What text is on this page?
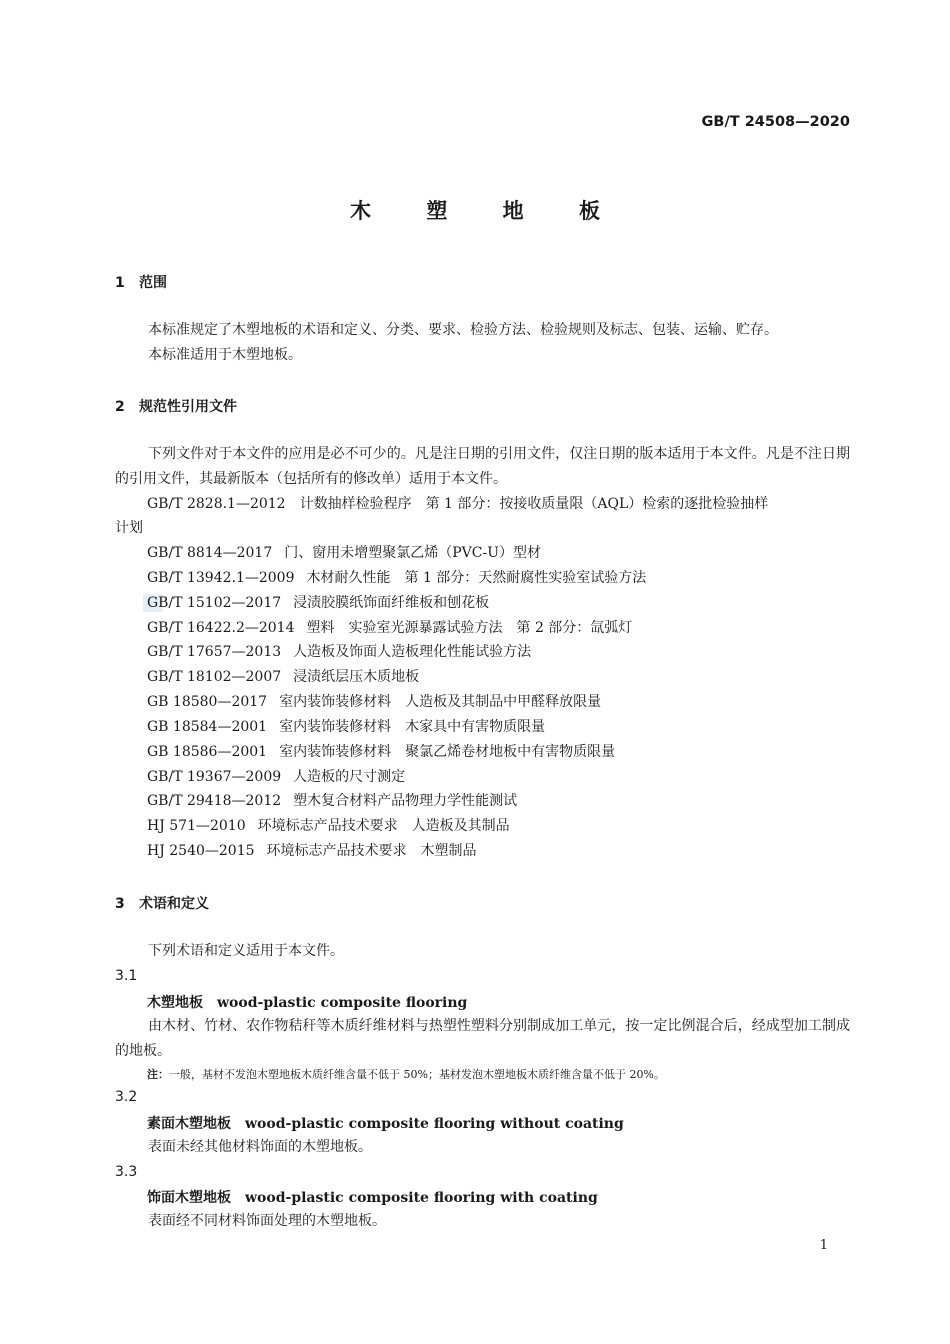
GB/T 24508—2020
木 塑 地 板
1 范围
本标准规定了木塑地板的术语和定义、分类、要求、检验方法、检验规则及标志、包装、运输、贮存。
本标准适用于木塑地板。
2 规范性引用文件
下列文件对于本文件的应用是必不可少的。凡是注日期的引用文件，仅注日期的版本适用于本文件。凡是不注日期的引用文件，其最新版本（包括所有的修改单）适用于本文件。
GB/T 2828.1—2012　计数抽样检验程序　第 1 部分：按接收质量限（AQL）检索的逐批检验抽样
计划
GB/T 8814—2017 门、窗用未增塑聚氯乙烯（PVC-U）型材
GB/T 13942.1—2009 木材耐久性能　第 1 部分：天然耐腐性实验室试验方法
GB/T 15102—2017 浸渍胶膜纸饰面纤维板和刨花板
GB/T 16422.2—2014 塑料　实验室光源暴露试验方法　第 2 部分：氙弧灯
GB/T 17657—2013 人造板及饰面人造板理化性能试验方法
GB/T 18102—2007 浸渍纸层压木质地板
GB 18580—2017 室内装饰装修材料　人造板及其制品中甲醛释放限量
GB 18584—2001 室内装饰装修材料　木家具中有害物质限量
GB 18586—2001 室内装饰装修材料　聚氯乙烯卷材地板中有害物质限量
GB/T 19367—2009 人造板的尺寸测定
GB/T 29418—2012 塑木复合材料产品物理力学性能测试
HJ 571—2010 环境标志产品技术要求　人造板及其制品
HJ 2540—2015 环境标志产品技术要求　木塑制品
3 术语和定义
下列术语和定义适用于本文件。
3.1
木塑地板 wood-plastic composite flooring
由木材、竹材、农作物秸秆等木质纤维材料与热塑性塑料分别制成加工单元，按一定比例混合后，经成型加工制成的地板。
注：一般，基材不发泡木塑地板木质纤维含量不低于 50%；基材发泡木塑地板木质纤维含量不低于 20%。
3.2
素面木塑地板 wood-plastic composite flooring without coating
表面未经其他材料饰面的木塑地板。
3.3
饰面木塑地板 wood-plastic composite flooring with coating
表面经不同材料饰面处理的木塑地板。
1
